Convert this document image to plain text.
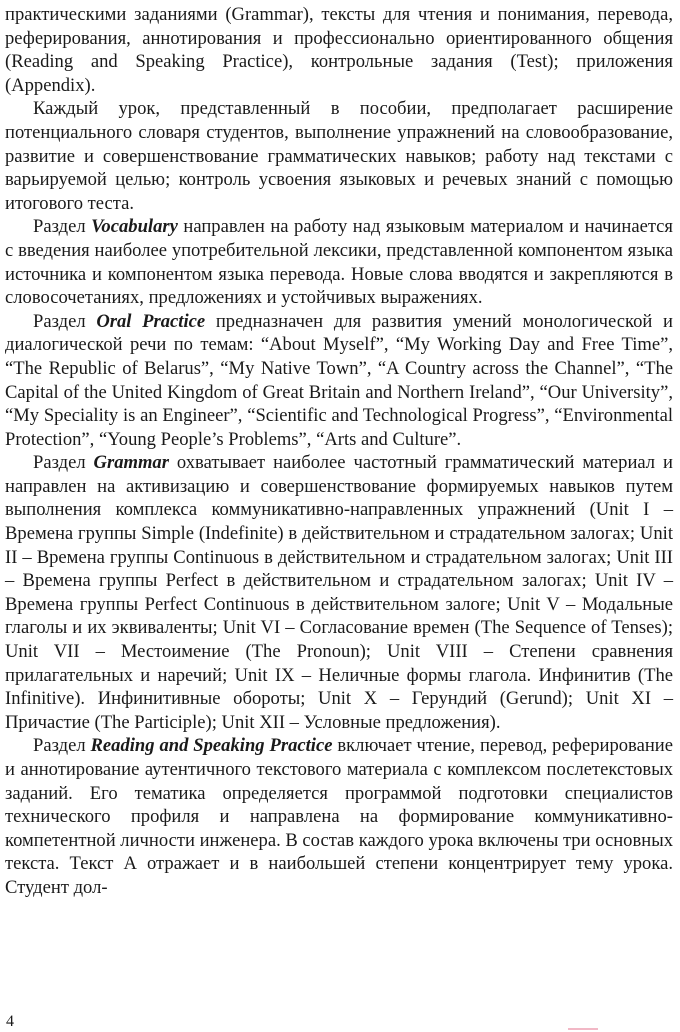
практическими заданиями (Grammar), тексты для чтения и понимания, перевода, реферирования, аннотирования и профессионально ориентированного общения (Reading and Speaking Practice), контрольные задания (Test); приложения (Appendix).

Каждый урок, представленный в пособии, предполагает расширение потенциального словаря студентов, выполнение упражнений на словообразование, развитие и совершенствование грамматических навыков; работу над текстами с варьируемой целью; контроль усвоения языковых и речевых знаний с помощью итогового теста.

Раздел Vocabulary направлен на работу над языковым материалом и начинается с введения наиболее употребительной лексики, представленной компонентом языка источника и компонентом языка перевода. Новые слова вводятся и закрепляются в словосочетаниях, предложениях и устойчивых выражениях.

Раздел Oral Practice предназначен для развития умений монологической и диалогической речи по темам: “About Myself”, “My Working Day and Free Time”, “The Republic of Belarus”, “My Native Town”, “A Country across the Channel”, “The Capital of the United Kingdom of Great Britain and Northern Ireland”, “Our University”, “My Speciality is an Engineer”, “Scientific and Technological Progress”, “Environmental Protection”, “Young People’s Problems”, “Arts and Culture”.

Раздел Grammar охватывает наиболее частотный грамматический материал и направлен на активизацию и совершенствование формируемых навыков путем выполнения комплекса коммуникативно-направленных упражнений (Unit I – Времена группы Simple (Indefinite) в действительном и страдательном залогах; Unit II – Времена группы Continuous в действительном и страдательном залогах; Unit III – Времена группы Perfect в действительном и страдательном залогах; Unit IV – Времена группы Perfect Continuous в действительном залоге; Unit V – Модальные глаголы и их эквиваленты; Unit VI – Согласование времен (The Sequence of Tenses); Unit VII – Местоимение (The Pronoun); Unit VIII – Степени сравнения прилагательных и наречий; Unit IX – Неличные формы глагола. Инфинитив (The Infinitive). Инфинитивные обороты; Unit X – Герундий (Gerund); Unit XI – Причастие (The Participle); Unit XII – Условные предложения).

Раздел Reading and Speaking Practice включает чтение, перевод, реферирование и аннотирование аутентичного текстового материала с комплексом послетекстовых заданий. Его тематика определяется программой подготовки специалистов технического профиля и направлена на формирование коммуникативно-компетентной личности инженера. В состав каждого урока включены три основных текста. Текст А отражает и в наибольшей степени концентрирует тему урока. Студент дол-

4
